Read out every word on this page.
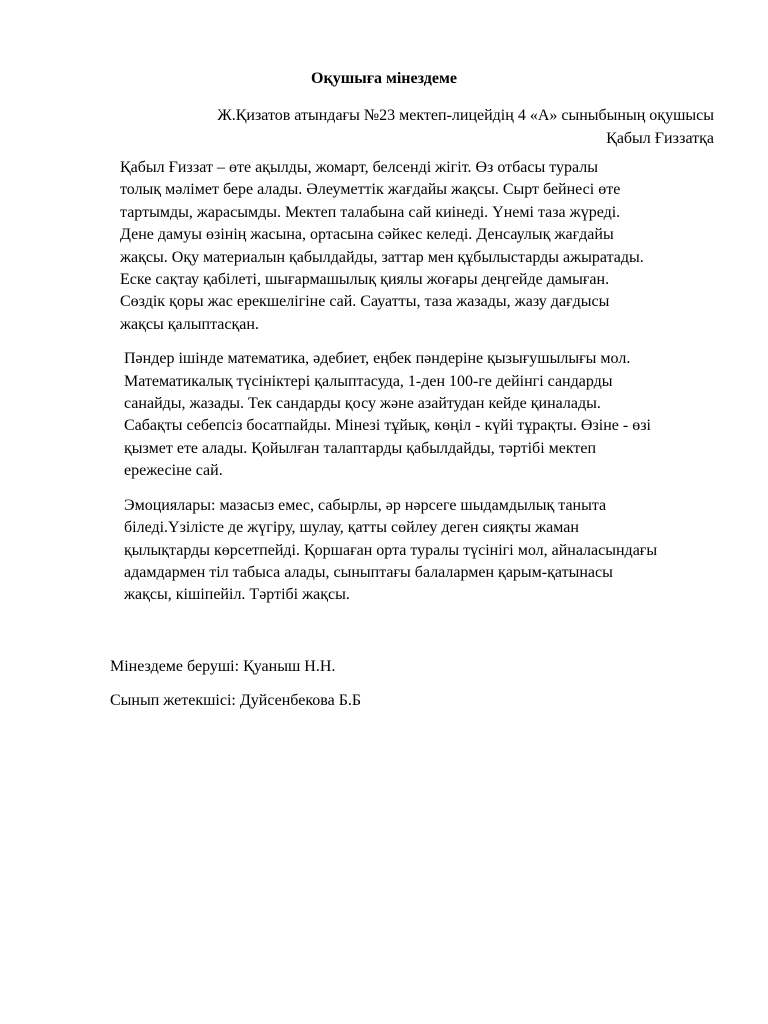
Оқушыға мінездеме
Ж.Қизатов атындағы №23 мектеп-лицейдің 4 «А» сыныбының оқушысы
Қабыл Ғиззатқа
Қабыл Ғиззат – өте ақылды, жомарт, белсенді жігіт. Өз отбасы туралы
толық мәлімет бере алады. Әлеуметтік жағдайы жақсы. Сырт бейнесі өте
тартымды, жарасымды. Мектеп талабына сай киінеді. Үнемі таза жүреді.
Дене дамуы өзінің жасына, ортасына сәйкес келеді. Денсаулық жағдайы
жақсы. Оқу материалын қабылдайды, заттар мен құбылыстарды ажыратады.
Еске сақтау қабілеті, шығармашылық қиялы жоғары деңгейде дамыған.
Сөздік қоры жас ерекшелігіне сай. Сауатты, таза жазады, жазу дағдысы
жақсы қалыптасқан.
Пәндер ішінде математика, әдебиет, еңбек пәндеріне қызығушылығы мол.
Математикалық түсініктері қалыптасуда, 1-ден 100-ге дейінгі сандарды
санайды, жазады. Тек сандарды қосу және азайтудан кейде қиналады.
Сабақты себепсіз босатпайды. Мінезі тұйық, көңіл - күйі тұрақты. Өзіне - өзі
қызмет ете алады. Қойылған талаптарды қабылдайды, тәртібі мектеп
ережесіне сай.
Эмоциялары: мазасыз емес, сабырлы, әр нәрсеге шыдамдылық таныта
біледі.Үзілісте де жүгіру, шулау, қатты сөйлеу деген сияқты жаман
қылықтарды көрсетпейді. Қоршаған орта туралы түсінігі мол, айналасындағы
адамдармен тіл табыса алады, сыныптағы балалармен қарым-қатынасы
жақсы, кішіпейіл. Тәртібі жақсы.
Мінездеме беруші: Қуаныш Н.Н.
Сынып жетекшісі: Дуйсенбекова Б.Б
